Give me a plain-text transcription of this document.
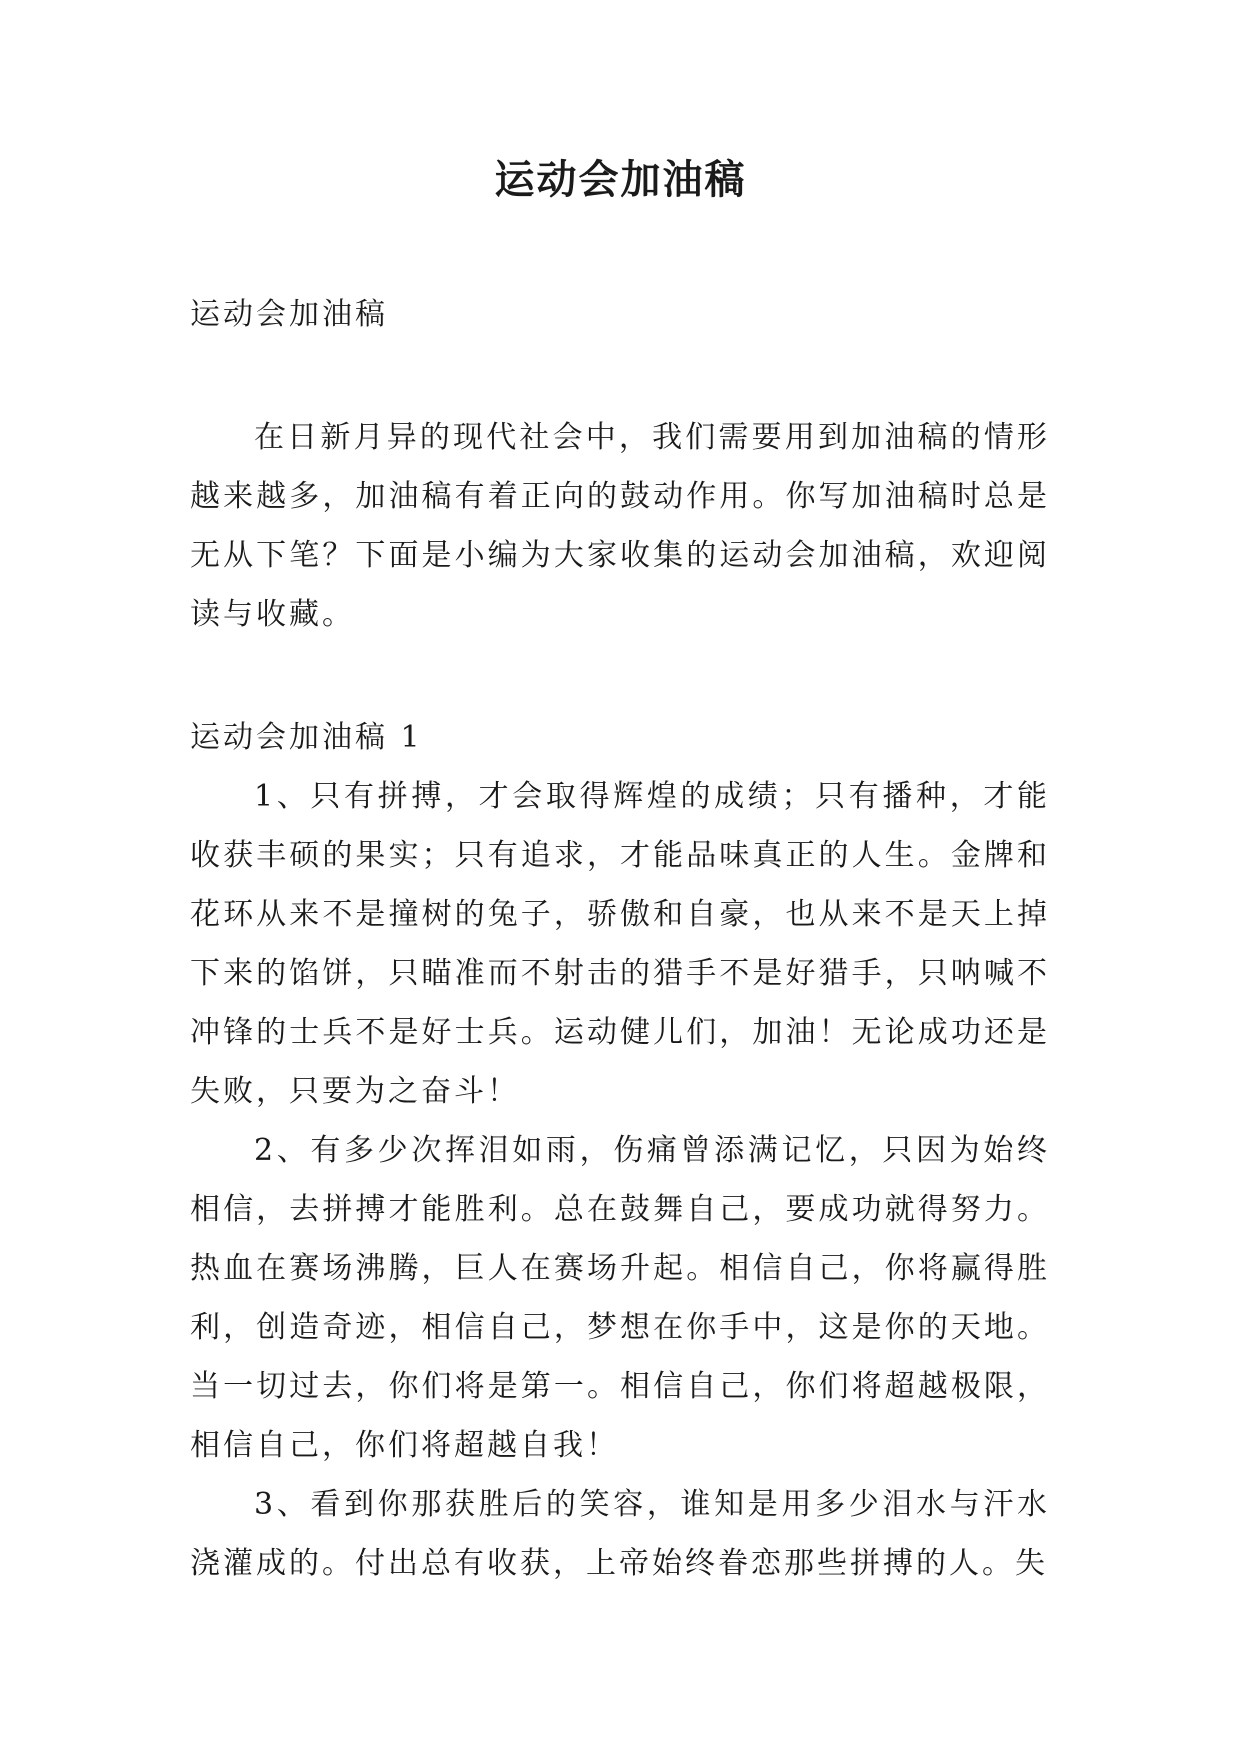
运动会加油稿

运动会加油稿

在日新月异的现代社会中，我们需要用到加油稿的情形越来越多，加油稿有着正向的鼓动作用。你写加油稿时总是无从下笔？下面是小编为大家收集的运动会加油稿，欢迎阅读与收藏。

运动会加油稿 1

1、只有拼搏，才会取得辉煌的成绩；只有播种，才能收获丰硕的果实；只有追求，才能品味真正的人生。金牌和花环从来不是撞树的兔子，骄傲和自豪，也从来不是天上掉下来的馅饼，只瞄准而不射击的猎手不是好猎手，只呐喊不冲锋的士兵不是好士兵。运动健儿们，加油！无论成功还是失败，只要为之奋斗！

2、有多少次挥泪如雨，伤痛曾添满记忆，只因为始终相信，去拼搏才能胜利。总在鼓舞自己，要成功就得努力。热血在赛场沸腾，巨人在赛场升起。相信自己，你将赢得胜利，创造奇迹，相信自己，梦想在你手中，这是你的天地。当一切过去，你们将是第一。相信自己，你们将超越极限，相信自己，你们将超越自我！

3、看到你那获胜后的笑容，谁知是用多少泪水与汗水浇灌成的。付出总有收获，上帝始终眷恋那些拼搏的人。失
